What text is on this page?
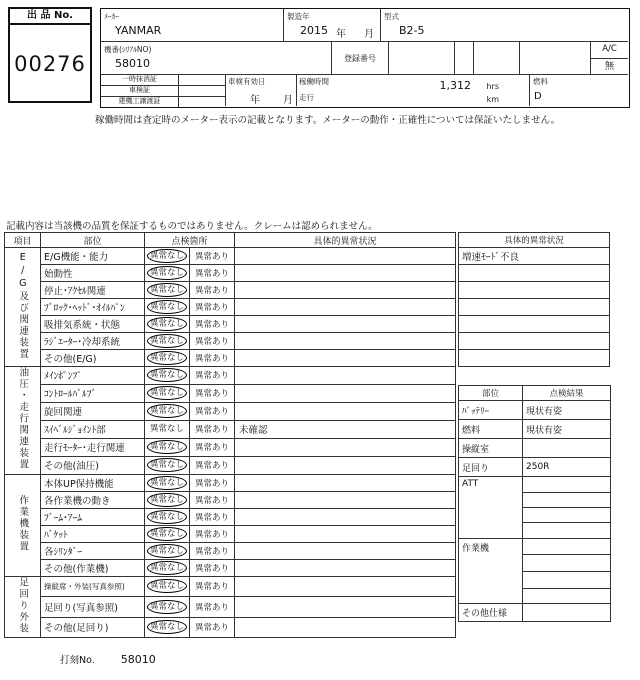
出 品 No.
00276
ﾒｰｶｰ
YANMAR
製造年
2015 年 月
型式
B2-5
機番(ｼﾘｱﾙNO)
58010	登録番号
A/C
無
一時抹消証
車検証
建機工譲渡証
車検有効日
年 月
稼働時間	1,312 hrs
走行	km
燃料
D
稼働時間は査定時のメーター表示の記載となります。メーターの動作・正確性については保証いたしません。
記載内容は当該機の品質を保証するものではありません。クレームは認められません。
項目	部位	点検箇所		具体的異常状況
E/G及び関連装置	E/G機能・能力	異常なし	異常あり	
	始動性	異常なし	異常あり	
	停止･ｱｸｾﾙ関連	異常なし	異常あり	
	ﾌﾞﾛｯｸ･ﾍｯﾄﾞ･ｵｲﾙﾊﾟﾝ	異常なし	異常あり	
	吸排気系統・状態	異常なし	異常あり	
	ﾗｼﾞｴｰﾀｰ･冷却系統	異常なし	異常あり	
	その他(E/G)	異常なし	異常あり	
油圧・走行関連装置	ﾒｲﾝﾎﾟﾝﾌﾟ	異常なし	異常あり	
	ｺﾝﾄﾛｰﾙﾊﾞﾙﾌﾞ	異常なし	異常あり	
	旋回関連	異常なし	異常あり	
	ｽｲﾍﾞﾙｼﾞｮｲﾝﾄ部	異常なし	異常あり	未確認
	走行ﾓｰﾀｰ･走行関連	異常なし	異常あり	
	その他(油圧)	異常なし	異常あり	
作業機装置	本体UP保持機能	異常なし	異常あり	
	各作業機の動き	異常なし	異常あり	
	ﾌﾞｰﾑ･ｱｰﾑ	異常なし	異常あり	
	ﾊﾞｹｯﾄ	異常なし	異常あり	
	各ｼﾘﾝﾀﾞｰ	異常なし	異常あり	
	その他(作業機)	異常なし	異常あり	
足回り外装	操縦席・外装(写真参照)	異常なし	異常あり	
	足回り(写真参照)	異常なし	異常あり	
	その他(足回り)	異常なし	異常あり	
具体的異常状況
増速ﾓｰﾄﾞ不良

部位	点検結果
ﾊﾞｯﾃﾘｰ	現状有姿
燃料	現状有姿
操縦室	
足回り	250R
ATT	

作業機	

その他仕様	
打刻No. 58010
